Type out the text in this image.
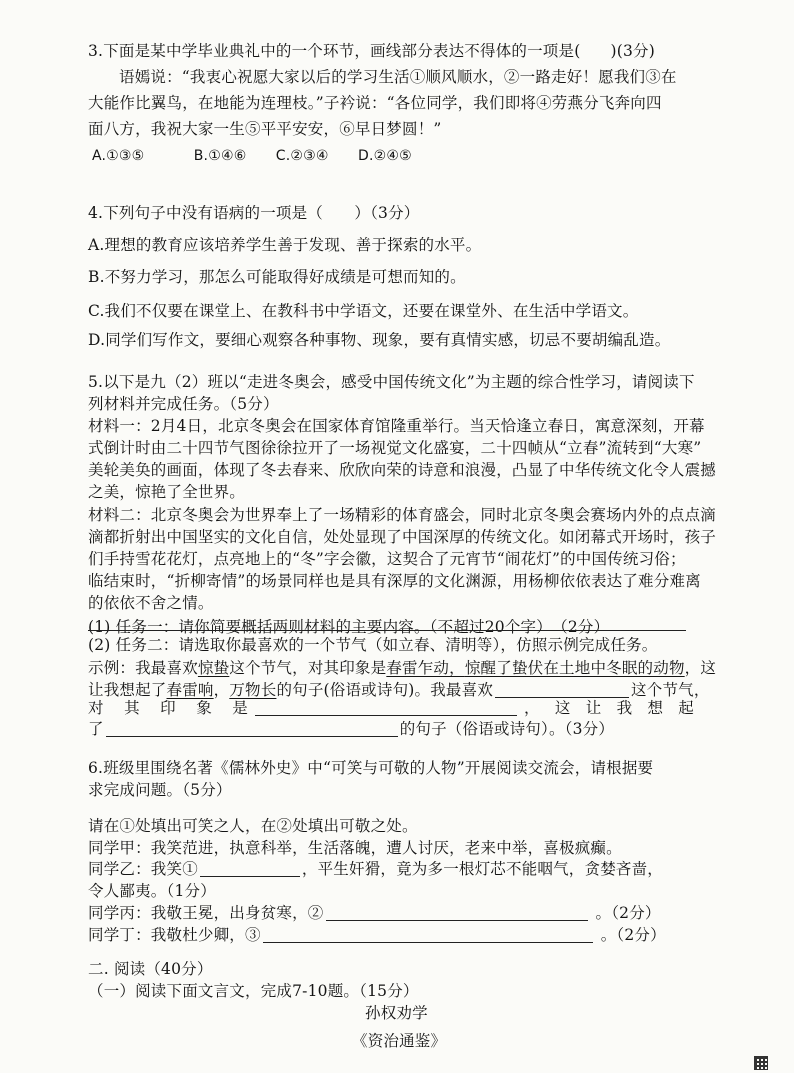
3.下面是某中学毕业典礼中的一个环节，画线部分表达不得体的一项是( )(3分)
语嫣说：“我衷心祝愿大家以后的学习生活①顺风顺水，②一路走好！愿我们③在
大能作比翼鸟，在地能为连理枝。”子衿说：“各位同学，我们即将④劳燕分飞奔向四
面八方，我祝大家一生⑤平平安安，⑥早日梦圆！”
A.①③⑤	B.①④⑥ C.②③④ D.②④⑤
4.下列句子中没有语病的一项是（　　）（3分）
A.理想的教育应该培养学生善于发现、善于探索的水平。
B.不努力学习，那怎么可能取得好成绩是可想而知的。
C.我们不仅要在课堂上、在教科书中学语文，还要在课堂外、在生活中学语文。
D.同学们写作文，要细心观察各种事物、现象，要有真情实感，切忌不要胡编乱造。
5.以下是九（2）班以“走进冬奥会，感受中国传统文化”为主题的综合性学习，请阅读下
列材料并完成任务。（5分）
材料一：2月4日，北京冬奥会在国家体育馆隆重举行。当天恰逢立春日，寓意深刻，开幕
式倒计时由二十四节气图徐徐拉开了一场视觉文化盛宴，二十四帧从“立春”流转到“大寒”
美轮美奂的画面，体现了冬去春来、欣欣向荣的诗意和浪漫，凸显了中华传统文化令人震撼
之美，惊艳了全世界。
材料二：北京冬奥会为世界奉上了一场精彩的体育盛会，同时北京冬奥会赛场内外的点点滴
滴都折射出中国坚实的文化自信，处处显现了中国深厚的传统文化。如闭幕式开场时，孩子
们手持雪花花灯，点亮地上的“冬”字会徽，这契合了元宵节“闹花灯”的中国传统习俗；
临结束时，“折柳寄情”的场景同样也是具有深厚的文化渊源，用杨柳依依表达了难分难离
的依依不舍之情。
(1) 任务一：请你简要概括两则材料的主要内容。（不超过20个字）　（2分）
(2) 任务二：请选取你最喜欢的一个节气（如立春、清明等），仿照示例完成任务。
示例：我最喜欢惊蛰这个节气，对其印象是春雷乍动，惊醒了蛰伏在土地中冬眠的动物，这
让我想起了春雷响，万物长的句子(俗语或诗句)。我最喜欢	这个节气，
对 其 印 象 是	， 这 让 我 想 起
了	的句子（俗语或诗句）。（3分）
6.班级里围绕名著《儒林外史》中“可笑与可敬的人物”开展阅读交流会，请根据要
求完成问题。（5分）
请在①处填出可笑之人，在②处填出可敬之处。
同学甲：我笑范进，执意科举，生活落魄，遭人讨厌，老来中举，喜极疯癫。
同学乙：我笑①	，平生奸猾，竟为多一根灯芯不能咽气，贪婪吝啬，
令人鄙夷。（1分）
同学丙：我敬王冕，出身贫寒，②	。（2分）
同学丁：我敬杜少卿，③	。（2分）
二. 阅读（40分）
（一）阅读下面文言文，完成7-10题。（15分）
孙权劝学
《资治通鉴》
